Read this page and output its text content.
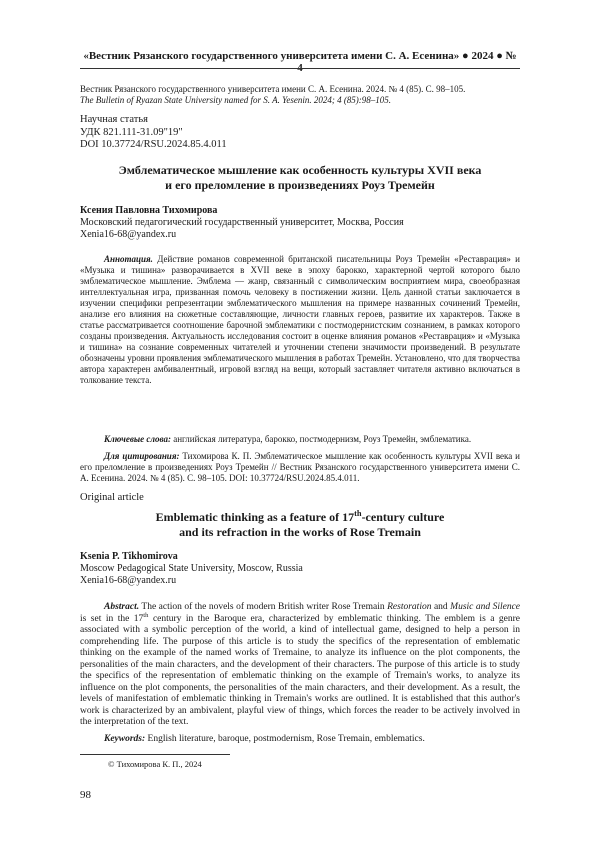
«Вестник Рязанского государственного университета имени С. А. Есенина» ● 2024 ● № 4
Вестник Рязанского государственного университета имени С. А. Есенина. 2024. № 4 (85). С. 98–105.
The Bulletin of Ryazan State University named for S. A. Yesenin. 2024; 4 (85):98–105.
Научная статья
УДК 821.111-31.09"19"
DOI 10.37724/RSU.2024.85.4.011
Эмблематическое мышление как особенность культуры XVII века
и его преломление в произведениях Роуз Тремейн
Ксения Павловна Тихомирова
Московский педагогический государственный университет, Москва, Россия
Xenia16-68@yandex.ru

Аннотация. Действие романов современной британской писательницы Роуз Тремейн «Реставрация» и «Музыка и тишина» разворачивается в XVII веке в эпоху барокко, характерной чертой которого было эмблематическое мышление. Эмблема — жанр, связанный с символическим восприятием мира, своеобразная интеллектуальная игра, призванная помочь человеку в постижении жизни. Цель данной статьи заключается в изучении специфики репрезентации эмблематического мышления на примере названных сочинений Тремейн, анализе его влияния на сюжетные составляющие, личности главных героев, развитие их характеров. Также в статье рассматривается соотношение барочной эмблематики с постмодернистским сознанием, в рамках которого созданы произведения. Актуальность исследования состоит в оценке влияния романов «Реставрация» и «Музыка и тишина» на сознание современных читателей и уточнении степени значимости произведений. В результате обозначены уровни проявления эмблематического мышления в работах Тремейн. Установлено, что для творчества автора характерен амбивалентный, игровой взгляд на вещи, который заставляет читателя активно включаться в толкование текста.

Ключевые слова: английская литература, барокко, постмодернизм, Роуз Тремейн, эмблематика.

Для цитирования: Тихомирова К. П. Эмблематическое мышление как особенность культуры XVII века и его преломление в произведениях Роуз Тремейн // Вестник Рязанского государственного университета имени С. А. Есенина. 2024. № 4 (85). С. 98–105. DOI: 10.37724/RSU.2024.85.4.011.

Original article
Emblematic thinking as a feature of 17th-century culture
and its refraction in the works of Rose Tremain
Ksenia P. Tikhomirova
Moscow Pedagogical State University, Moscow, Russia
Xenia16-68@yandex.ru

Abstract. The action of the novels of modern British writer Rose Tremain Restoration and Music and Silence is set in the 17th century in the Baroque era, characterized by emblematic thinking. The emblem is a genre associated with a symbolic perception of the world, a kind of intellectual game, designed to help a person in comprehending life. The purpose of this article is to study the specifics of the representation of emblematic thinking on the example of the named works of Tremaine, to analyze its influence on the plot components, the personalities of the main characters, and the development of their characters. The purpose of this article is to study the specifics of the representation of emblematic thinking on the example of Tremain's works, to analyze its influence on the plot components, the personalities of the main characters, and their development. As a result, the levels of manifestation of emblematic thinking in Tremain's works are outlined. It is established that this author's work is characterized by an ambivalent, playful view of things, which forces the reader to be actively involved in the interpretation of the text.

Keywords: English literature, baroque, postmodernism, Rose Tremain, emblematics.

© Тихомирова К. П., 2024
98
